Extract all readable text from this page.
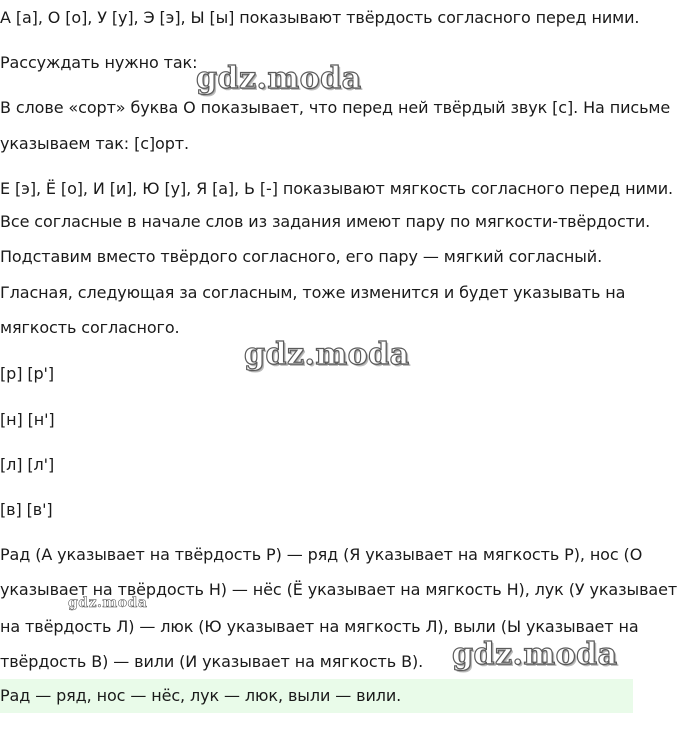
А [а], О [о], У [у], Э [э], Ы [ы] показывают твёрдость согласного перед ними.
Рассуждать нужно так:
В слове «сорт» буква О показывает, что перед ней твёрдый звук [с]. На письме
указываем так: [с]орт.
Е [э], Ё [о], И [и], Ю [у], Я [а], Ь [-] показывают мягкость согласного перед ними.
Все согласные в начале слов из задания имеют пару по мягкости-твёрдости.
Подставим вместо твёрдого согласного, его пару — мягкий согласный.
Гласная, следующая за согласным, тоже изменится и будет указывать на
мягкость согласного.
[р] [р']
[н] [н']
[л] [л']
[в] [в']
Рад (А указывает на твёрдость Р) — ряд (Я указывает на мягкость Р), нос (О
указывает на твёрдость Н) — нёс (Ё указывает на мягкость Н), лук (У указывает
на твёрдость Л) — люк (Ю указывает на мягкость Л), выли (Ы указывает на
твёрдость В) — вили (И указывает на мягкость В).
Рад — ряд, нос — нёс, лук — люк, выли — вили.
gdz.moda
gdz.moda
gdz.moda
gdz.moda
